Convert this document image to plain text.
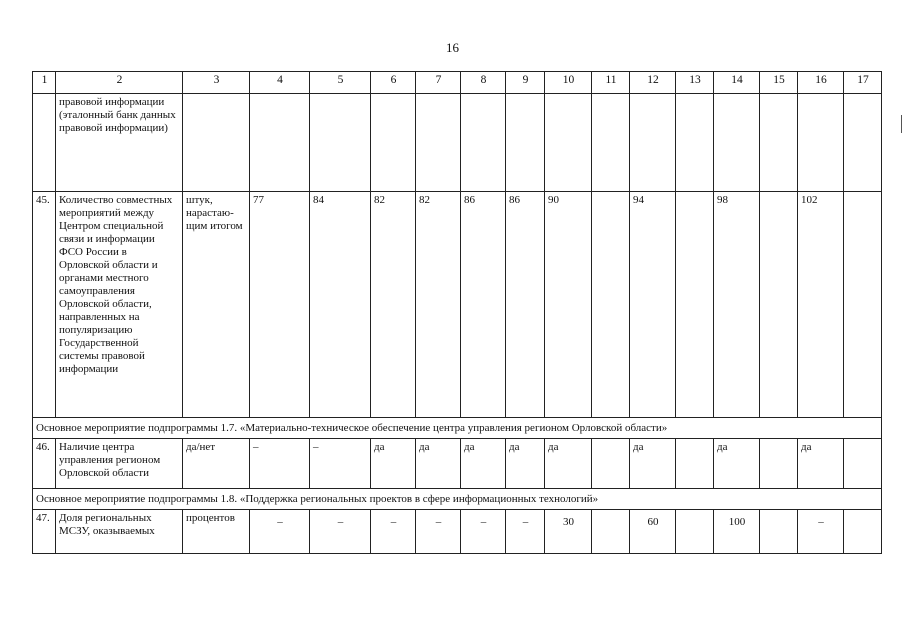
16
1	2	3	4	5	6	7	8	9	10	11	12	13	14	15	16	17
	правовой информации (эталонный банк данных правовой информации)															
45.	Количество совместных мероприятий между Центром специальной связи и информации ФСО России в Орловской области и органами местного самоуправления Орловской области, направленных на популяризацию Государственной системы правовой информации	штук, нарастаю-щим итогом	77	84	82	82	86	86	90		94		98		102	
Основное мероприятие подпрограммы 1.7. «Материально-техническое обеспечение центра управления регионом Орловской области»																
46.	Наличие центра управления регионом Орловской области	да/нет	–	–	да	да	да	да	да		да		да		да	
Основное мероприятие подпрограммы 1.8. «Поддержка региональных проектов в сфере информационных технологий»																
47.	Доля региональных МСЗУ, оказываемых	процентов	–	–	–	–	–	–	30		60		100		–	
